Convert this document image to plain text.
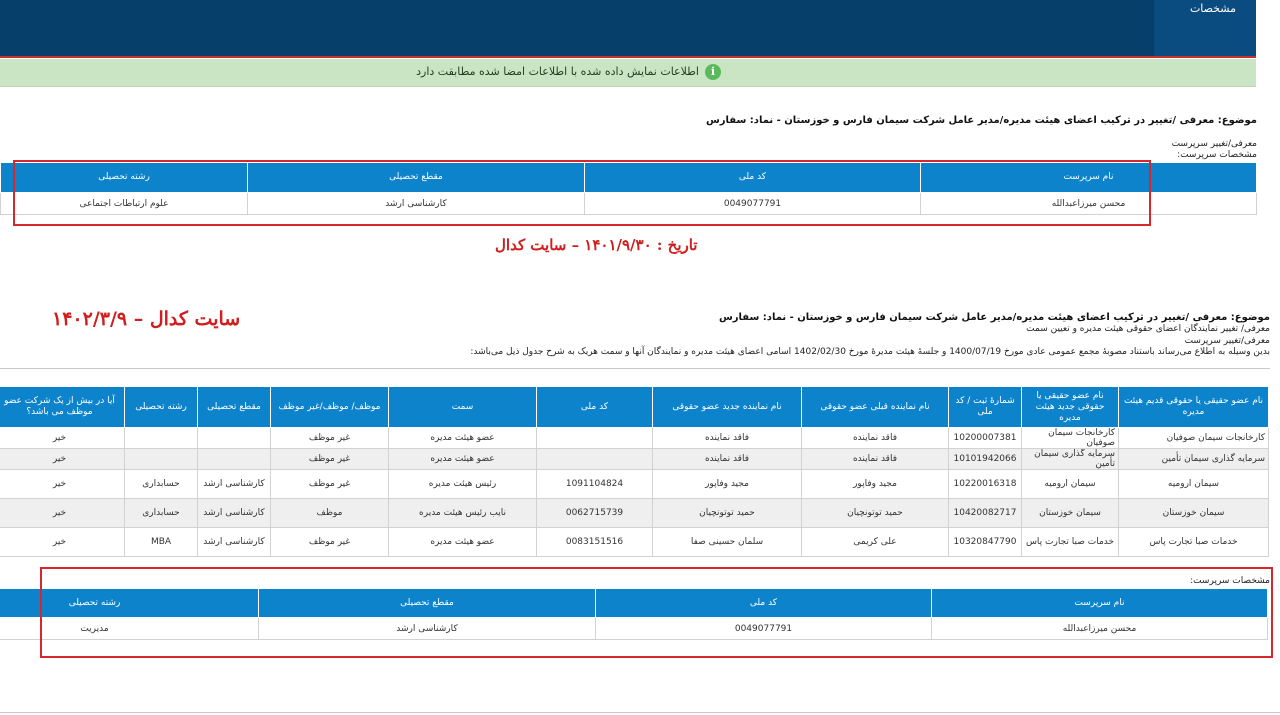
مشخصات
i
اطلاعات نمایش داده شده با اطلاعات امضا شده مطابقت دارد
موضوع: معرفی /تغییر در ترکیب اعضای هیئت مدیره/مدیر عامل شرکت سیمان فارس و خوزستان - نماد: سفارس
معرفی/تغییر سرپرست
مشخصات سرپرست:
نام سرپرست	کد ملی	مقطع تحصیلی	رشته تحصیلی
محسن میرزاعبدالله	0049077791	کارشناسی ارشد	علوم ارتباطات اجتماعی
تاریخ : ۱۴۰۱/۹/۳۰ – سایت کدال
سایت کدال – ۱۴۰۲/۳/۹	موضوع: معرفی /تغییر در ترکیب اعضای هیئت مدیره/مدیر عامل شرکت سیمان فارس و خوزستان - نماد: سفارس
معرفی/ تغییر نمایندگان اعضای حقوقی هیئت مدیره و تعیین سمت
معرفی/تغییر سرپرست
بدین وسیله به اطلاع می‌رساند باستناد مصوبهٔ مجمع عمومی عادی مورخ 1400/07/19 و جلسهٔ هیئت مدیرهٔ مورخ 1402/02/30 اسامی اعضای هیئت مدیره و نمایندگان آنها و سمت هریک به شرح جدول ذیل می‌باشد:
نام عضو حقیقی یا حقوقی قدیم هیئت مدیره	نام عضو حقیقی یا حقوقی جدید هیئت مدیره	شمارهٔ ثبت / کد ملی	نام نماینده قبلی عضو حقوقی	نام نماینده جدید عضو حقوقی	کد ملی	سمت	موظف/ موظف/غیر موظف	مقطع تحصیلی	رشته تحصیلی	آیا در بیش از یک شرکت عضو موظف می باشد؟
کارخانجات سیمان صوفیان	کارخانجات سیمان صوفیان	10200007381	فاقد نماینده	فاقد نماینده		عضو هیئت مدیره	غیر موظف			خیر
سرمایه گذاری سیمان تأمین	سرمایه گذاری سیمان تأمین	10101942066	فاقد نماینده	فاقد نماینده		عضو هیئت مدیره	غیر موظف			خیر
سیمان ارومیه	سیمان ارومیه	10220016318	مجید وفاپور	مجید وفاپور	1091104824	رئیس هیئت مدیره	غیر موظف	کارشناسی ارشد	حسابداری	خیر
سیمان خوزستان	سیمان خوزستان	10420082717	حمید توتونچیان	حمید توتونچیان	0062715739	نایب رئیس هیئت مدیره	موظف	کارشناسی ارشد	حسابداری	خیر
خدمات صبا تجارت پاس	خدمات صبا تجارت پاس	10320847790	علی کریمی	سلمان حسینی صفا	0083151516	عضو هیئت مدیره	غیر موظف	کارشناسی ارشد	MBA	خیر
مشخصات سرپرست:
نام سرپرست	کد ملی	مقطع تحصیلی	رشته تحصیلی
محسن میرزاعبدالله	0049077791	کارشناسی ارشد	مدیریت
